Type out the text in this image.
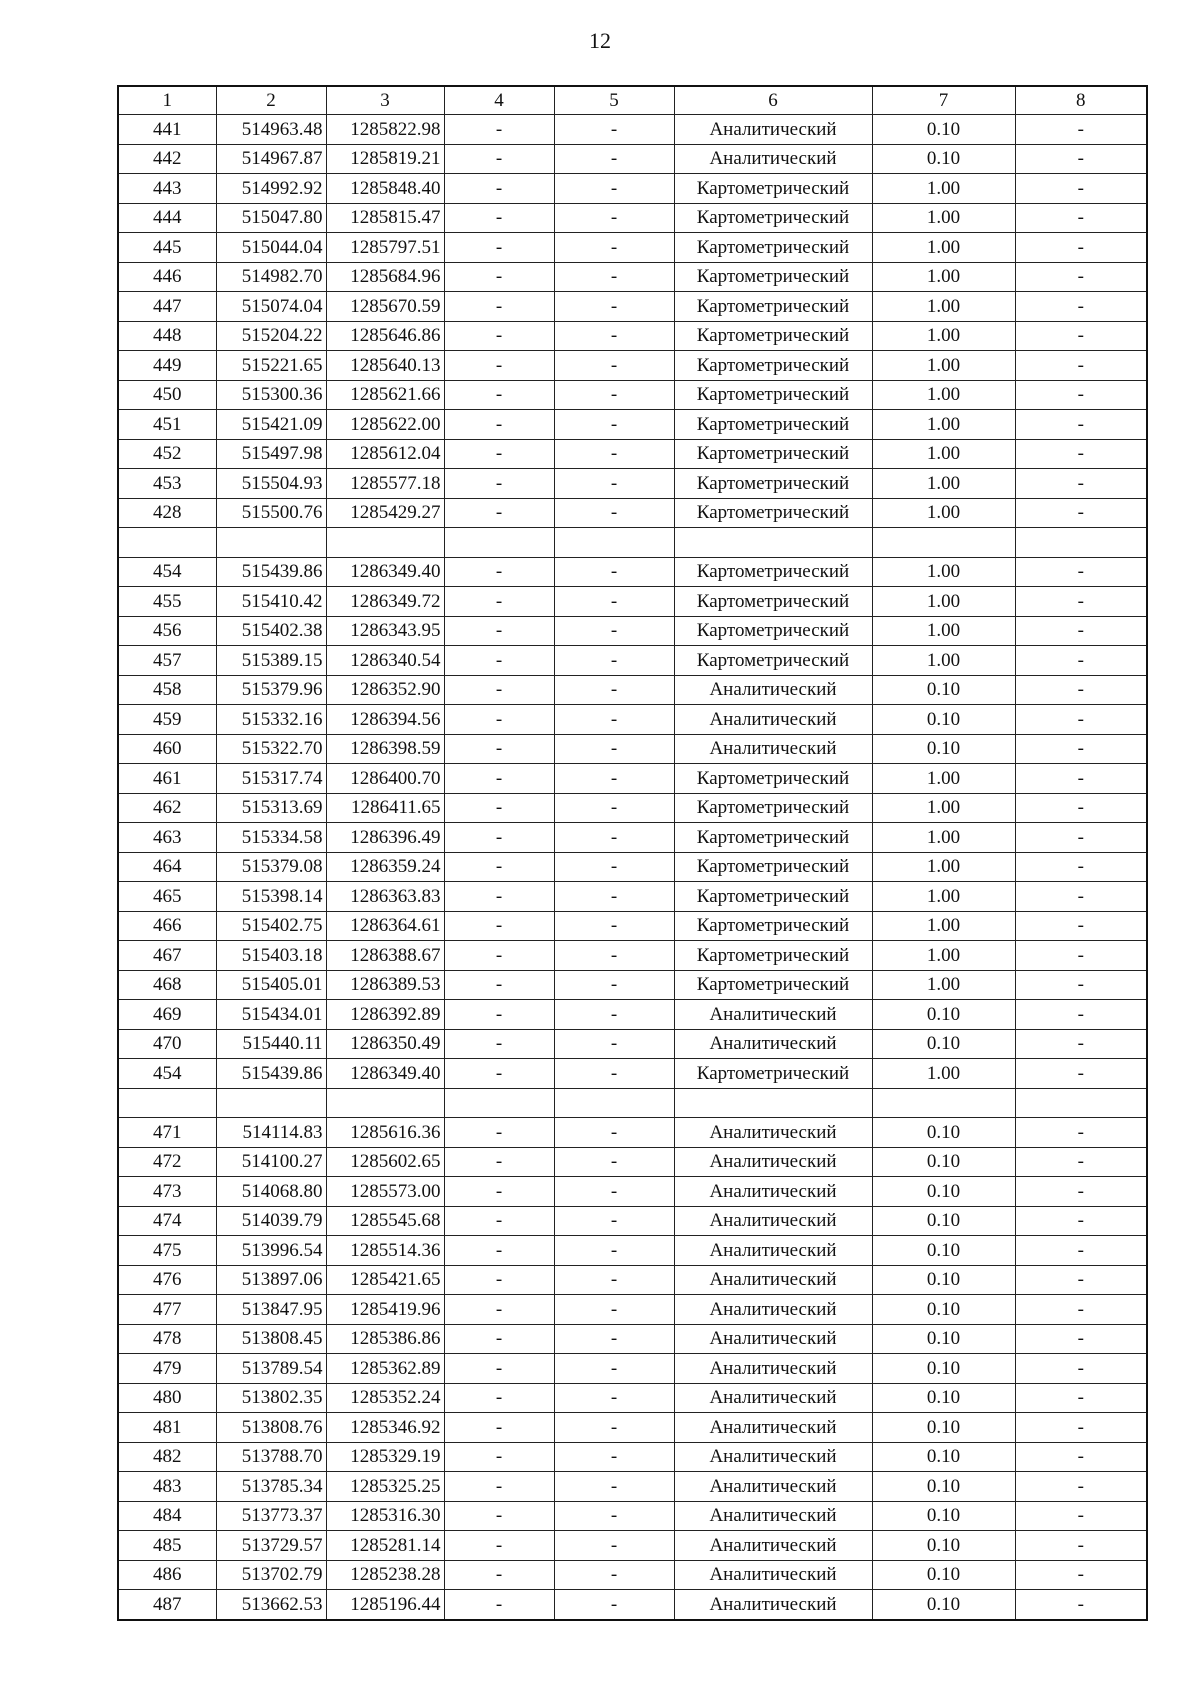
12
1	2	3	4	5	6	7	8
441	514963.48	1285822.98	-	-	Аналитический	0.10	-
442	514967.87	1285819.21	-	-	Аналитический	0.10	-
443	514992.92	1285848.40	-	-	Картометрический	1.00	-
444	515047.80	1285815.47	-	-	Картометрический	1.00	-
445	515044.04	1285797.51	-	-	Картометрический	1.00	-
446	514982.70	1285684.96	-	-	Картометрический	1.00	-
447	515074.04	1285670.59	-	-	Картометрический	1.00	-
448	515204.22	1285646.86	-	-	Картометрический	1.00	-
449	515221.65	1285640.13	-	-	Картометрический	1.00	-
450	515300.36	1285621.66	-	-	Картометрический	1.00	-
451	515421.09	1285622.00	-	-	Картометрический	1.00	-
452	515497.98	1285612.04	-	-	Картометрический	1.00	-
453	515504.93	1285577.18	-	-	Картометрический	1.00	-
428	515500.76	1285429.27	-	-	Картометрический	1.00	-

454	515439.86	1286349.40	-	-	Картометрический	1.00	-
455	515410.42	1286349.72	-	-	Картометрический	1.00	-
456	515402.38	1286343.95	-	-	Картометрический	1.00	-
457	515389.15	1286340.54	-	-	Картометрический	1.00	-
458	515379.96	1286352.90	-	-	Аналитический	0.10	-
459	515332.16	1286394.56	-	-	Аналитический	0.10	-
460	515322.70	1286398.59	-	-	Аналитический	0.10	-
461	515317.74	1286400.70	-	-	Картометрический	1.00	-
462	515313.69	1286411.65	-	-	Картометрический	1.00	-
463	515334.58	1286396.49	-	-	Картометрический	1.00	-
464	515379.08	1286359.24	-	-	Картометрический	1.00	-
465	515398.14	1286363.83	-	-	Картометрический	1.00	-
466	515402.75	1286364.61	-	-	Картометрический	1.00	-
467	515403.18	1286388.67	-	-	Картометрический	1.00	-
468	515405.01	1286389.53	-	-	Картометрический	1.00	-
469	515434.01	1286392.89	-	-	Аналитический	0.10	-
470	515440.11	1286350.49	-	-	Аналитический	0.10	-
454	515439.86	1286349.40	-	-	Картометрический	1.00	-

471	514114.83	1285616.36	-	-	Аналитический	0.10	-
472	514100.27	1285602.65	-	-	Аналитический	0.10	-
473	514068.80	1285573.00	-	-	Аналитический	0.10	-
474	514039.79	1285545.68	-	-	Аналитический	0.10	-
475	513996.54	1285514.36	-	-	Аналитический	0.10	-
476	513897.06	1285421.65	-	-	Аналитический	0.10	-
477	513847.95	1285419.96	-	-	Аналитический	0.10	-
478	513808.45	1285386.86	-	-	Аналитический	0.10	-
479	513789.54	1285362.89	-	-	Аналитический	0.10	-
480	513802.35	1285352.24	-	-	Аналитический	0.10	-
481	513808.76	1285346.92	-	-	Аналитический	0.10	-
482	513788.70	1285329.19	-	-	Аналитический	0.10	-
483	513785.34	1285325.25	-	-	Аналитический	0.10	-
484	513773.37	1285316.30	-	-	Аналитический	0.10	-
485	513729.57	1285281.14	-	-	Аналитический	0.10	-
486	513702.79	1285238.28	-	-	Аналитический	0.10	-
487	513662.53	1285196.44	-	-	Аналитический	0.10	-
